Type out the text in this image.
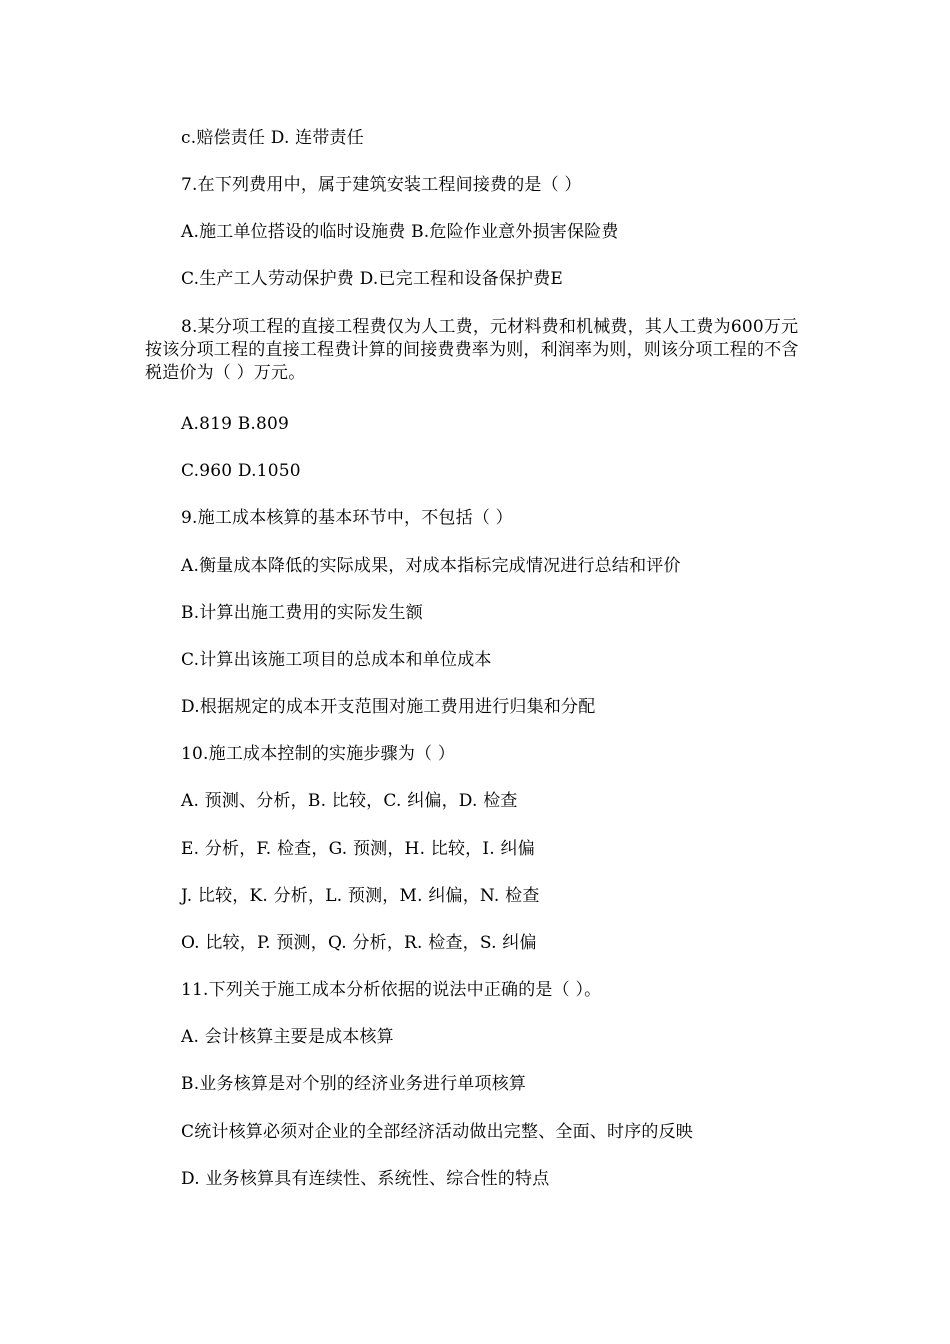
c.赔偿责任 D. 连带责任
7.在下列费用中，属于建筑安装工程间接费的是（ ）
A.施工单位搭设的临时设施费 B.危险作业意外损害保险费
C.生产工人劳动保护费 D.已完工程和设备保护费E
8.某分项工程的直接工程费仅为人工费，元材料费和机械费，其人工费为600万元按该分项工程的直接工程费计算的间接费费率为则，利润率为则，则该分项工程的不含税造价为（ ）万元。
A.819 B.809
C.960 D.1050
9.施工成本核算的基本环节中，不包括（ ）
A.衡量成本降低的实际成果，对成本指标完成情况进行总结和评价
B.计算出施工费用的实际发生额
C.计算出该施工项目的总成本和单位成本
D.根据规定的成本开支范围对施工费用进行归集和分配
10.施工成本控制的实施步骤为（ ）
A. 预测、分析，B. 比较，C. 纠偏，D. 检查
E. 分析，F. 检查，G. 预测，H. 比较，I. 纠偏
J. 比较，K. 分析，L. 预测，M. 纠偏，N. 检查
O. 比较，P. 预测，Q. 分析，R. 检查，S. 纠偏
11.下列关于施工成本分析依据的说法中正确的是（ ）。
A. 会计核算主要是成本核算
B.业务核算是对个别的经济业务进行单项核算
C统计核算必须对企业的全部经济活动做出完整、全面、时序的反映
D. 业务核算具有连续性、系统性、综合性的特点
